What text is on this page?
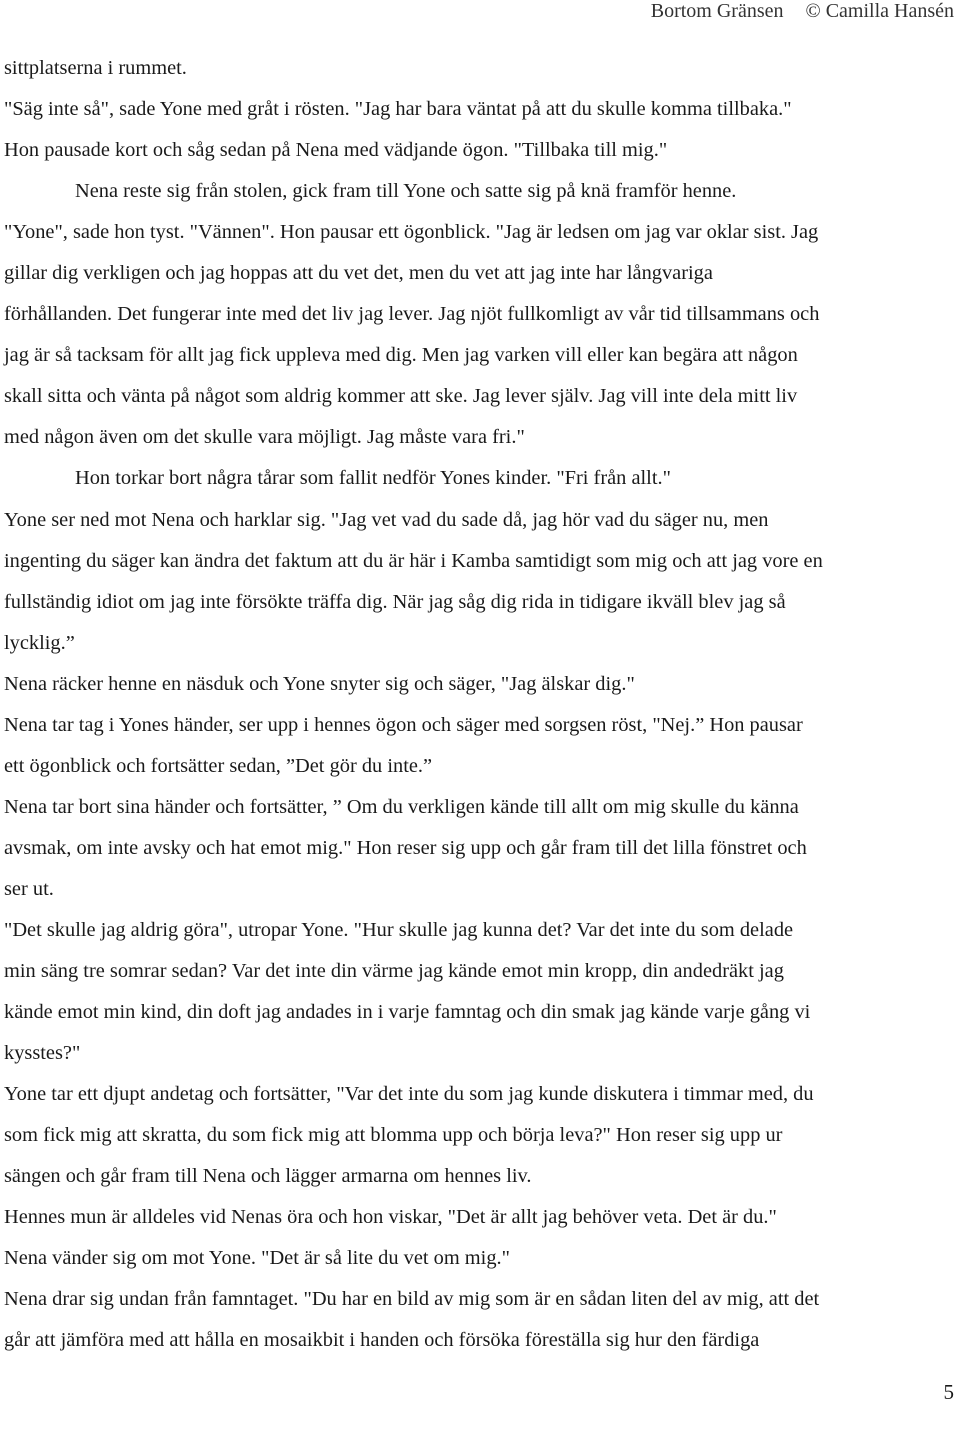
Bortom Gränsen © Camilla Hansén
sittplatserna i rummet.
"Säg inte så", sade Yone med gråt i rösten. "Jag har bara väntat på att du skulle komma tillbaka."
Hon pausade kort och såg sedan på Nena med vädjande ögon. "Tillbaka till mig."
Nena reste sig från stolen, gick fram till Yone och satte sig på knä framför henne.
"Yone", sade hon tyst. "Vännen". Hon pausar ett ögonblick. "Jag är ledsen om jag var oklar sist. Jag
gillar dig verkligen och jag hoppas att du vet det, men du vet att jag inte har långvariga
förhållanden. Det fungerar inte med det liv jag lever. Jag njöt fullkomligt av vår tid tillsammans och
jag är så tacksam för allt jag fick uppleva med dig. Men jag varken vill eller kan begära att någon
skall sitta och vänta på något som aldrig kommer att ske. Jag lever själv. Jag vill inte dela mitt liv
med någon även om det skulle vara möjligt. Jag måste vara fri."
Hon torkar bort några tårar som fallit nedför Yones kinder. "Fri från allt."
Yone ser ned mot Nena och harklar sig. "Jag vet vad du sade då, jag hör vad du säger nu, men
ingenting du säger kan ändra det faktum att du är här i Kamba samtidigt som mig och att jag vore en
fullständig idiot om jag inte försökte träffa dig. När jag såg dig rida in tidigare ikväll blev jag så
lycklig.”
Nena räcker henne en näsduk och Yone snyter sig och säger, "Jag älskar dig."
Nena tar tag i Yones händer, ser upp i hennes ögon och säger med sorgsen röst, "Nej.” Hon pausar
ett ögonblick och fortsätter sedan, ”Det gör du inte.”
Nena tar bort sina händer och fortsätter, ” Om du verkligen kände till allt om mig skulle du känna
avsmak, om inte avsky och hat emot mig." Hon reser sig upp och går fram till det lilla fönstret och
ser ut.
"Det skulle jag aldrig göra", utropar Yone. "Hur skulle jag kunna det? Var det inte du som delade
min säng tre somrar sedan? Var det inte din värme jag kände emot min kropp, din andedräkt jag
kände emot min kind, din doft jag andades in i varje famntag och din smak jag kände varje gång vi
kysstes?"
Yone tar ett djupt andetag och fortsätter, "Var det inte du som jag kunde diskutera i timmar med, du
som fick mig att skratta, du som fick mig att blomma upp och börja leva?" Hon reser sig upp ur
sängen och går fram till Nena och lägger armarna om hennes liv.
Hennes mun är alldeles vid Nenas öra och hon viskar, "Det är allt jag behöver veta. Det är du."
Nena vänder sig om mot Yone. "Det är så lite du vet om mig."
Nena drar sig undan från famntaget. "Du har en bild av mig som är en sådan liten del av mig, att det
går att jämföra med att hålla en mosaikbit i handen och försöka föreställa sig hur den färdiga
5
